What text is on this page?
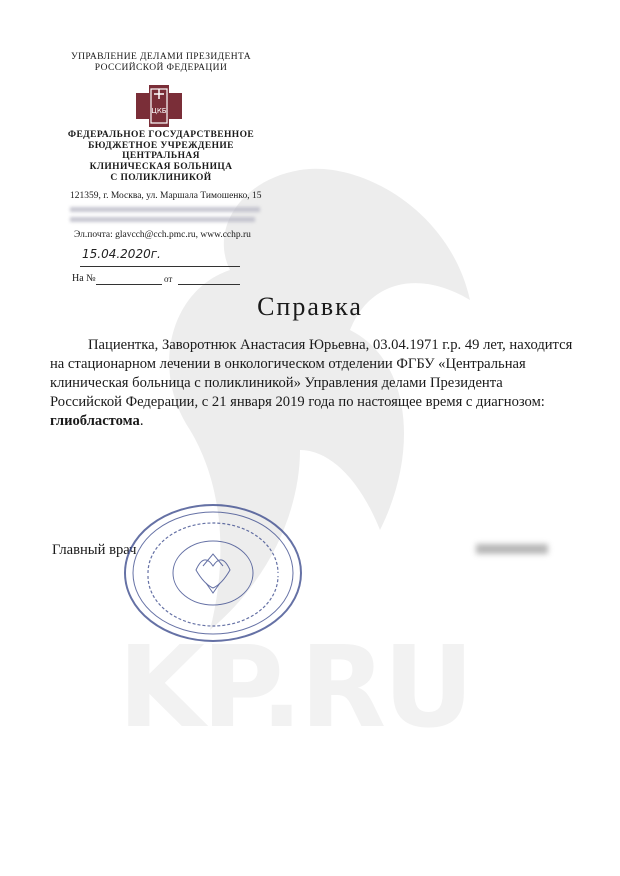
KP.RU
УПРАВЛЕНИЕ ДЕЛАМИ ПРЕЗИДЕНТА
РОССИЙСКОЙ ФЕДЕРАЦИИ
ЦКБ
ФЕДЕРАЛЬНОЕ ГОСУДАРСТВЕННОЕ
БЮДЖЕТНОЕ УЧРЕЖДЕНИЕ
ЦЕНТРАЛЬНАЯ
КЛИНИЧЕСКАЯ БОЛЬНИЦА
С ПОЛИКЛИНИКОЙ
121359, г. Москва, ул. Маршала Тимошенко, 15
Эл.почта: glavcch@cch.pmc.ru, www.cchp.ru
15.04.2020г.
На №	от
Справка

Пациентка, Заворотнюк Анастасия Юрьевна, 03.04.1971 г.р. 49 лет, находится на стационарном лечении в онкологическом отделении ФГБУ «Центральная клиническая больница с поликлиникой» Управления делами Президента Российской Федерации, с 21 января 2019 года по настоящее время с диагнозом: глиобластома.

Главный врач
